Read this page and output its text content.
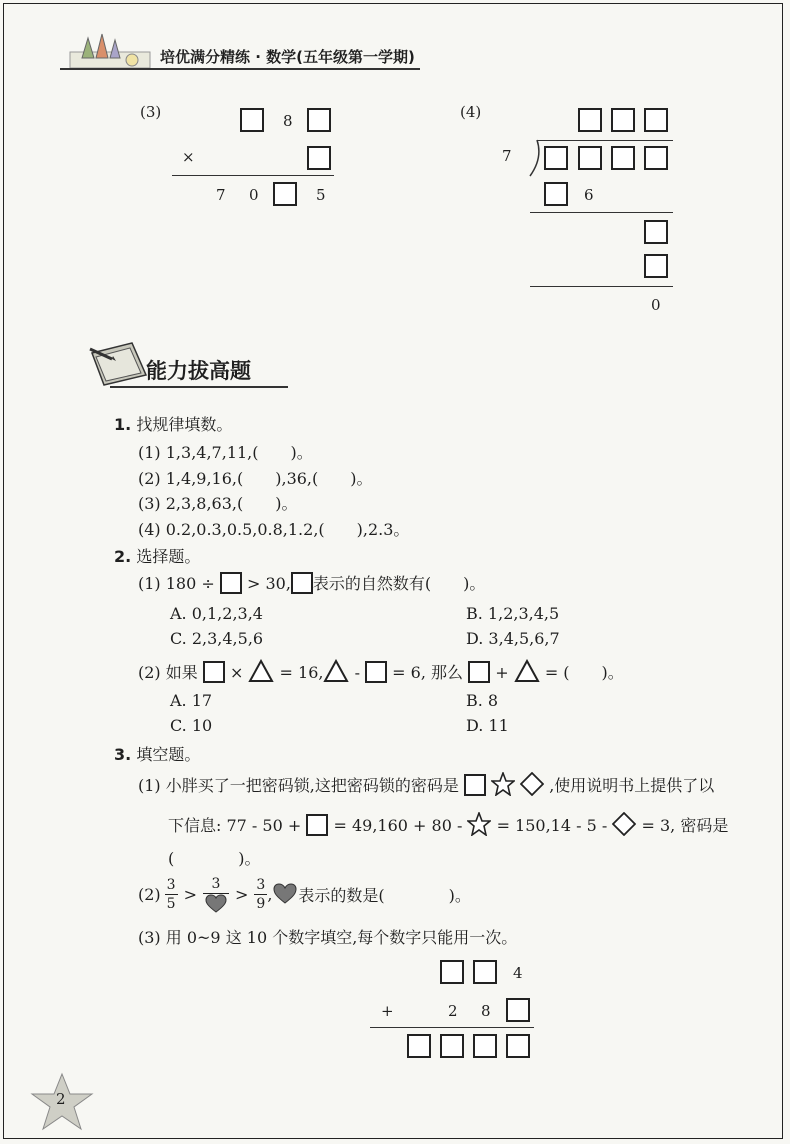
培优满分精练 · 数学(五年级第一学期)
(3)	8
×
7 0	5
(4)
7
6
0
能力拔高题
1. 找规律填数。
(1) 1,3,4,7,11,(　　)。
(2) 1,4,9,16,(　　),36,(　　)。
(3) 2,3,8,63,(　　)。
(4) 0.2,0.3,0.5,0.8,1.2,(　　),2.3。
2. 选择题。
(1) 180 ÷ > 30, 表示的自然数有(　　)。
A. 0,1,2,3,4	B. 1,2,3,4,5
C. 2,3,4,5,6	D. 3,4,5,6,7
(2) 如果 × = 16, - = 6, 那么 + = (　　)。
A. 17	B. 8
C. 10	D. 11
3. 填空题。
(1) 小胖买了一把密码锁,这把密码锁的密码是	,使用说明书上提供了以
下信息: 77 - 50 + = 49,160 + 80 - = 150,14 - 5 - = 3, 密码是
(　　　　)。
$(2) \frac{3}{5}$ >
3
> $\frac{3}{9}$ , 表示的数是(　　　　)。
(3) 用 0~9 这 10 个数字填空,每个数字只能用一次。
4
+	2 8
2
